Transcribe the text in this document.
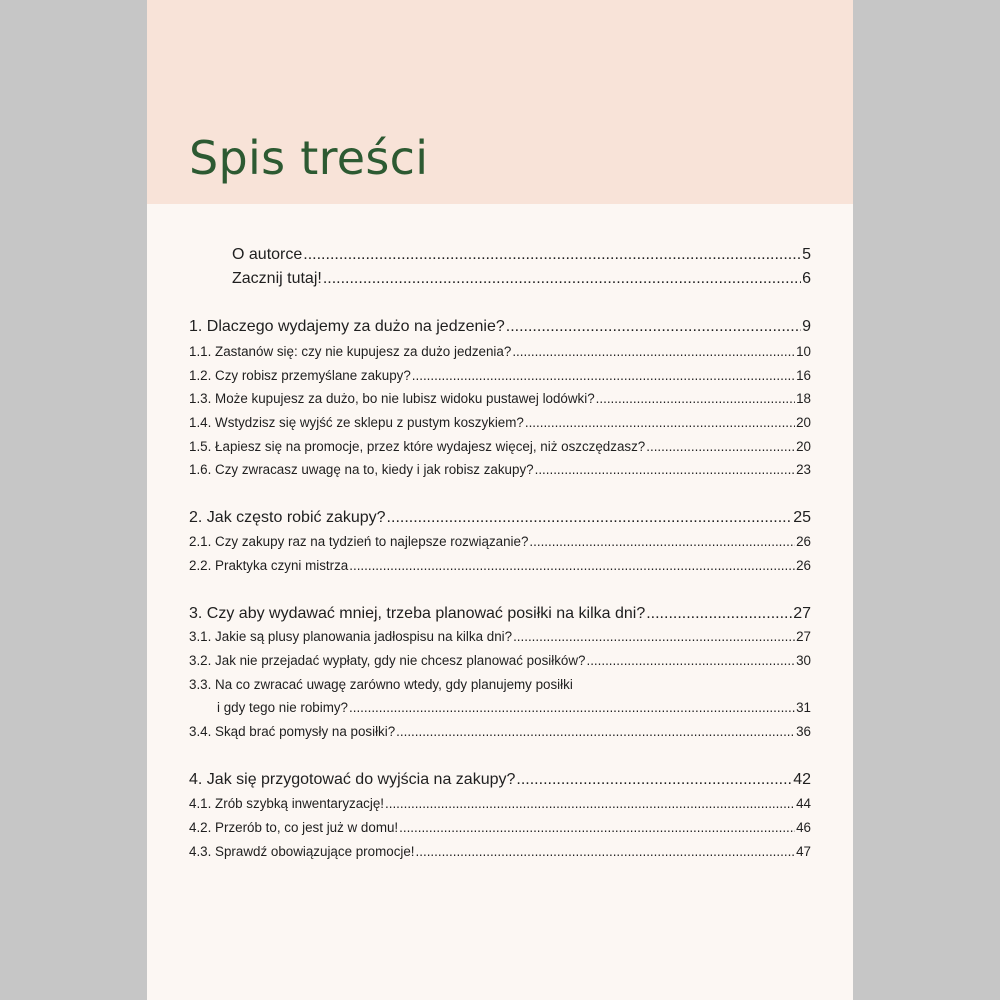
Spis treści
O autorce .....	5
Zacznij tutaj! .....	6
1. Dlaczego wydajemy za dużo na jedzenie? .....	9
1.1. Zastanów się: czy nie kupujesz za dużo jedzenia? .....	10
1.2. Czy robisz przemyślane zakupy? .....	16
1.3. Może kupujesz za dużo, bo nie lubisz widoku pustawej lodówki? .....	18
1.4. Wstydzisz się wyjść ze sklepu z pustym koszykiem? .....	20
1.5. Łapiesz się na promocje, przez które wydajesz więcej, niż oszczędzasz? .....	20
1.6. Czy zwracasz uwagę na to, kiedy i jak robisz zakupy? .....	23
2. Jak często robić zakupy? .....	25
2.1. Czy zakupy raz na tydzień to najlepsze rozwiązanie? .....	26
2.2. Praktyka czyni mistrza .....	26
3. Czy aby wydawać mniej, trzeba planować posiłki na kilka dni? .....	27
3.1. Jakie są plusy planowania jadłospisu na kilka dni? .....	27
3.2. Jak nie przejadać wypłaty, gdy nie chcesz planować posiłków? .....	30
3.3. Na co zwracać uwagę zarówno wtedy, gdy planujemy posiłki
i gdy tego nie robimy? .....	31
3.4. Skąd brać pomysły na posiłki? .....	36
4. Jak się przygotować do wyjścia na zakupy? .....	42
4.1. Zrób szybką inwentaryzację! .....	44
4.2. Przerób to, co jest już w domu! .....	46
4.3. Sprawdź obowiązujące promocje! .....	47
